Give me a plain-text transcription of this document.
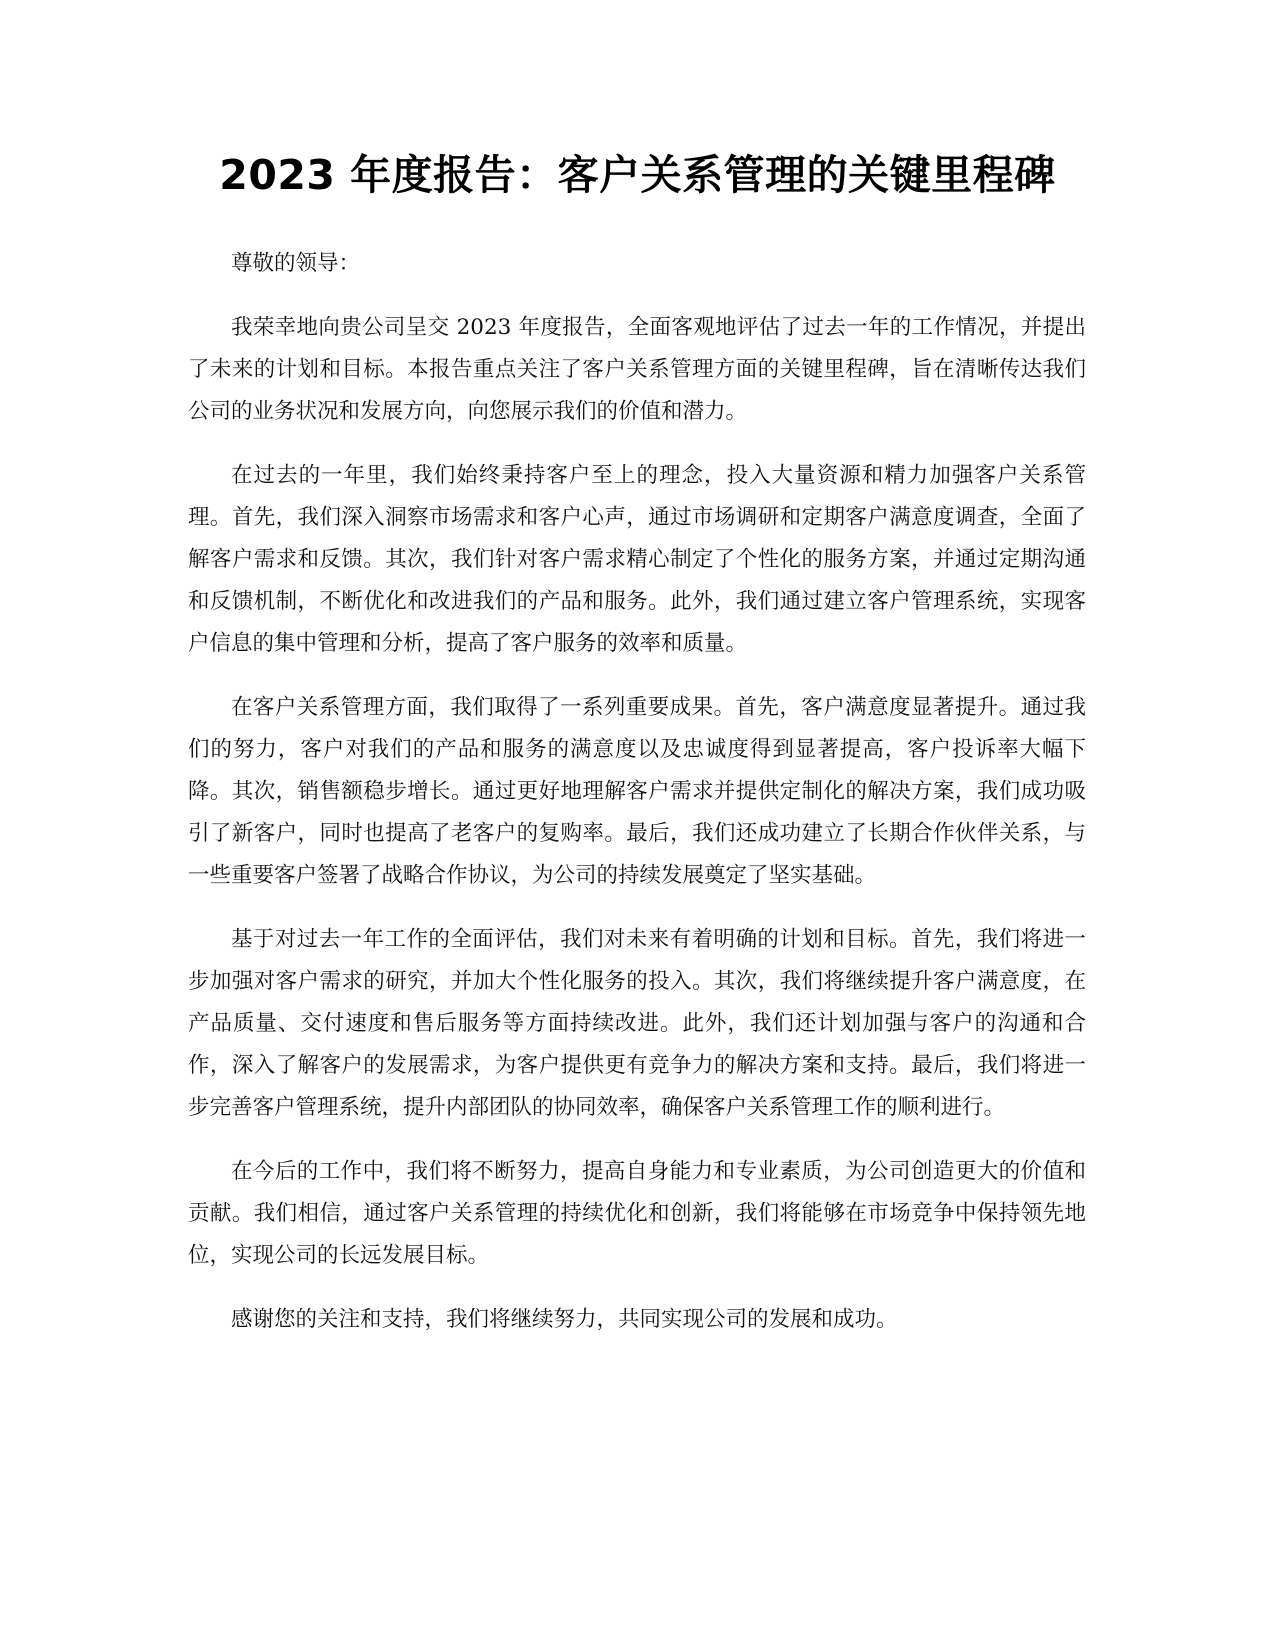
2023 年度报告：客户关系管理的关键里程碑

尊敬的领导：

我荣幸地向贵公司呈交 2023 年度报告，全面客观地评估了过去一年的工作情况，并提出了未来的计划和目标。本报告重点关注了客户关系管理方面的关键里程碑，旨在清晰传达我们公司的业务状况和发展方向，向您展示我们的价值和潜力。

在过去的一年里，我们始终秉持客户至上的理念，投入大量资源和精力加强客户关系管理。首先，我们深入洞察市场需求和客户心声，通过市场调研和定期客户满意度调查，全面了解客户需求和反馈。其次，我们针对客户需求精心制定了个性化的服务方案，并通过定期沟通和反馈机制，不断优化和改进我们的产品和服务。此外，我们通过建立客户管理系统，实现客户信息的集中管理和分析，提高了客户服务的效率和质量。

在客户关系管理方面，我们取得了一系列重要成果。首先，客户满意度显著提升。通过我们的努力，客户对我们的产品和服务的满意度以及忠诚度得到显著提高，客户投诉率大幅下降。其次，销售额稳步增长。通过更好地理解客户需求并提供定制化的解决方案，我们成功吸引了新客户，同时也提高了老客户的复购率。最后，我们还成功建立了长期合作伙伴关系，与一些重要客户签署了战略合作协议，为公司的持续发展奠定了坚实基础。

基于对过去一年工作的全面评估，我们对未来有着明确的计划和目标。首先，我们将进一步加强对客户需求的研究，并加大个性化服务的投入。其次，我们将继续提升客户满意度，在产品质量、交付速度和售后服务等方面持续改进。此外，我们还计划加强与客户的沟通和合作，深入了解客户的发展需求，为客户提供更有竞争力的解决方案和支持。最后，我们将进一步完善客户管理系统，提升内部团队的协同效率，确保客户关系管理工作的顺利进行。

在今后的工作中，我们将不断努力，提高自身能力和专业素质，为公司创造更大的价值和贡献。我们相信，通过客户关系管理的持续优化和创新，我们将能够在市场竞争中保持领先地位，实现公司的长远发展目标。

感谢您的关注和支持，我们将继续努力，共同实现公司的发展和成功。
